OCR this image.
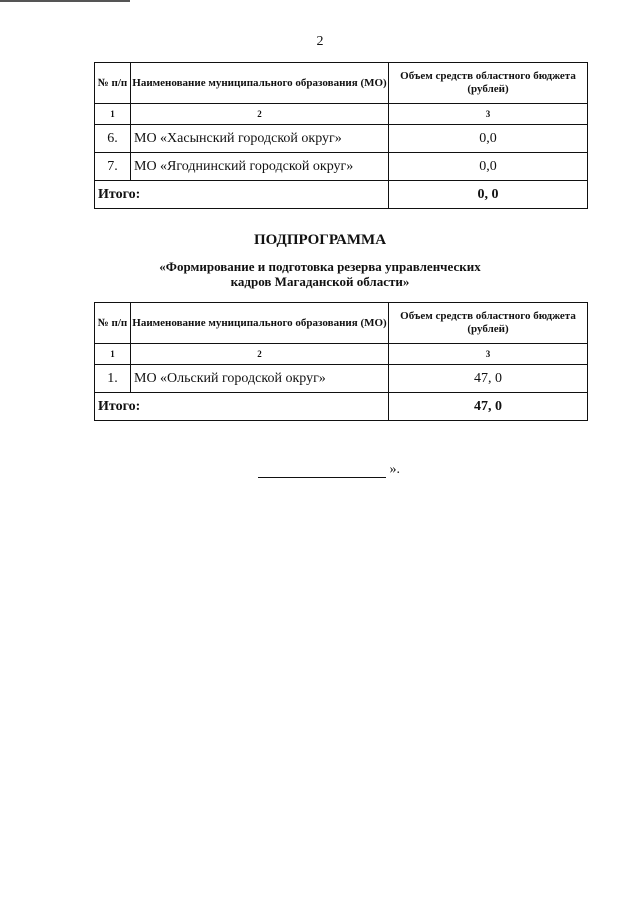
2
№ п/п	Наименование муниципального образования (МО)	Объем средств областного бюджета (рублей)
1	2	3
6.	МО «Хасынский городской округ»	0,0
7.	МО «Ягоднинский городской округ»	0,0
Итого:		0, 0
ПОДПРОГРАММА
«Формирование и подготовка резерва управленческих
кадров Магаданской области»
№ п/п	Наименование муниципального образования (МО)	Объем средств областного бюджета (рублей)
1	2	3
1.	МО «Ольский городской округ»	47, 0
Итого:		47, 0
».
